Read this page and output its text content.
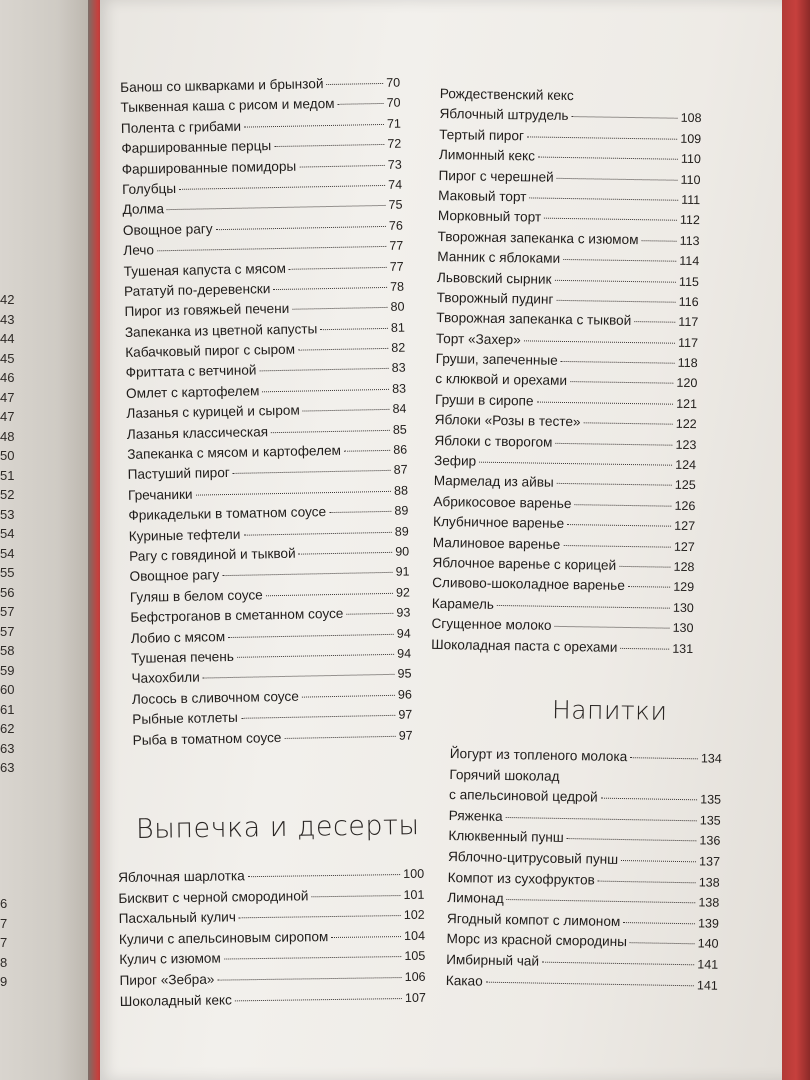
42
43
44
45
46
47
47
48
50
51
52
53
54
54
55
56
57
57
58
59
60
61
62
63
63
6
7
7
8
9
Банош со шкварками и брынзой	70
Тыквенная каша с рисом и медом	70
Полента с грибами	71
Фаршированные перцы	72
Фаршированные помидоры	73
Голубцы	74
Долма	75
Овощное рагу	76
Лечо	77
Тушеная капуста с мясом	77
Рататуй по-деревенски	78
Пирог из говяжьей печени	80
Запеканка из цветной капусты	81
Кабачковый пирог с сыром	82
Фриттата с ветчиной	83
Омлет с картофелем	83
Лазанья с курицей и сыром	84
Лазанья классическая	85
Запеканка с мясом и картофелем	86
Пастуший пирог	87
Гречаники	88
Фрикадельки в томатном соусе	89
Куриные тефтели	89
Рагу с говядиной и тыквой	90
Овощное рагу	91
Гуляш в белом соусе	92
Бефстроганов в сметанном соусе	93
Лобио с мясом	94
Тушеная печень	94
Чахохбили	95
Лосось в сливочном соусе	96
Рыбные котлеты	97
Рыба в томатном соусе	97
Рождественский кекс
Яблочный штрудель	108
Тертый пирог	109
Лимонный кекс	110
Пирог с черешней	110
Маковый торт	111
Морковный торт	112
Творожная запеканка с изюмом	113
Манник с яблоками	114
Львовский сырник	115
Творожный пудинг	116
Творожная запеканка с тыквой	117
Торт «Захер»	117
Груши, запеченные	118
с клюквой и орехами	120
Груши в сиропе	121
Яблоки «Розы в тесте»	122
Яблоки с творогом	123
Зефир	124
Мармелад из айвы	125
Абрикосовое варенье	126
Клубничное варенье	127
Малиновое варенье	127
Яблочное варенье с корицей	128
Сливово-шоколадное варенье	129
Карамель	130
Сгущенное молоко	130
Шоколадная паста с орехами	131
Выпечка и десерты
Яблочная шарлотка	100
Бисквит с черной смородиной	101
Пасхальный кулич	102
Куличи с апельсиновым сиропом	104
Кулич с изюмом	105
Пирог «Зебра»	106
Шоколадный кекс	107
Напитки
Йогурт из топленого молока	134
Горячий шоколад
с апельсиновой цедрой	135
Ряженка	135
Клюквенный пунш	136
Яблочно-цитрусовый пунш	137
Компот из сухофруктов	138
Лимонад	138
Ягодный компот с лимоном	139
Морс из красной смородины	140
Имбирный чай	141
Какао	141
